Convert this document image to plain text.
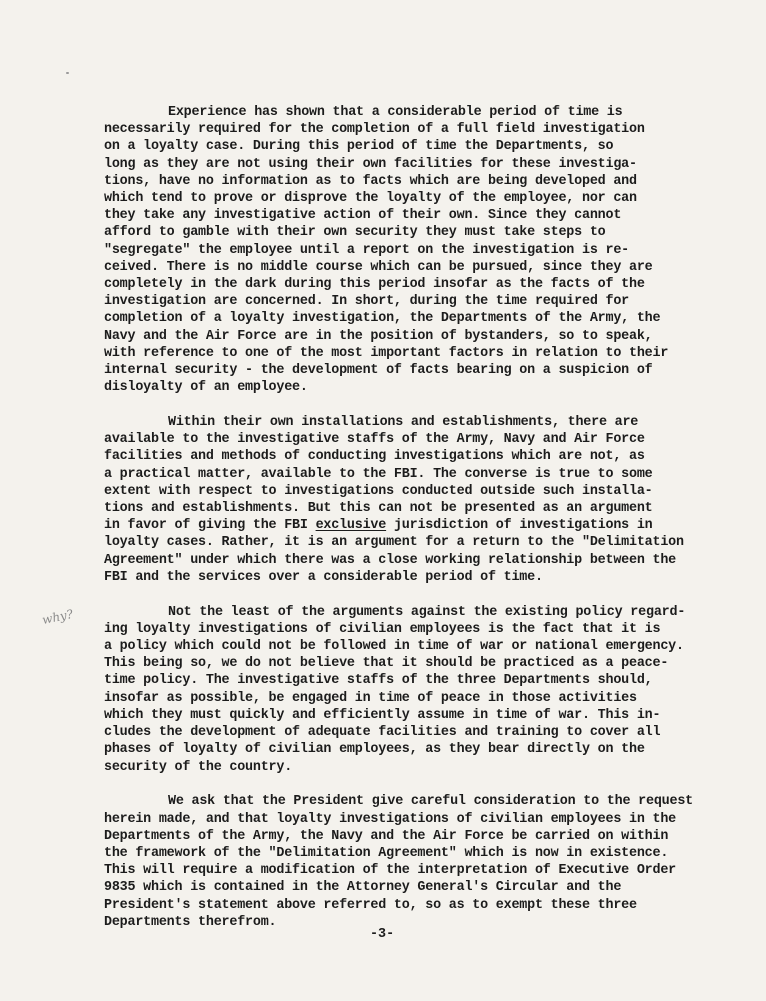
Experience has shown that a considerable period of time is
necessarily required for the completion of a full field investigation
on a loyalty case. During this period of time the Departments, so
long as they are not using their own facilities for these investiga-
tions, have no information as to facts which are being developed and
which tend to prove or disprove the loyalty of the employee, nor can
they take any investigative action of their own. Since they cannot
afford to gamble with their own security they must take steps to
"segregate" the employee until a report on the investigation is re-
ceived. There is no middle course which can be pursued, since they are
completely in the dark during this period insofar as the facts of the
investigation are concerned. In short, during the time required for
completion of a loyalty investigation, the Departments of the Army, the
Navy and the Air Force are in the position of bystanders, so to speak,
with reference to one of the most important factors in relation to their
internal security - the development of facts bearing on a suspicion of
disloyalty of an employee.

Within their own installations and establishments, there are
available to the investigative staffs of the Army, Navy and Air Force
facilities and methods of conducting investigations which are not, as
a practical matter, available to the FBI. The converse is true to some
extent with respect to investigations conducted outside such installa-
tions and establishments. But this can not be presented as an argument
in favor of giving the FBI exclusive jurisdiction of investigations in
loyalty cases. Rather, it is an argument for a return to the "Delimitation
Agreement" under which there was a close working relationship between the
FBI and the services over a considerable period of time.

Not the least of the arguments against the existing policy regard-
ing loyalty investigations of civilian employees is the fact that it is
a policy which could not be followed in time of war or national emergency.
This being so, we do not believe that it should be practiced as a peace-
time policy. The investigative staffs of the three Departments should,
insofar as possible, be engaged in time of peace in those activities
which they must quickly and efficiently assume in time of war. This in-
cludes the development of adequate facilities and training to cover all
phases of loyalty of civilian employees, as they bear directly on the
security of the country.

We ask that the President give careful consideration to the request
herein made, and that loyalty investigations of civilian employees in the
Departments of the Army, the Navy and the Air Force be carried on within
the framework of the "Delimitation Agreement" which is now in existence.
This will require a modification of the interpretation of Executive Order
9835 which is contained in the Attorney General's Circular and the
President's statement above referred to, so as to exempt these three
Departments therefrom.

why?
-3-
